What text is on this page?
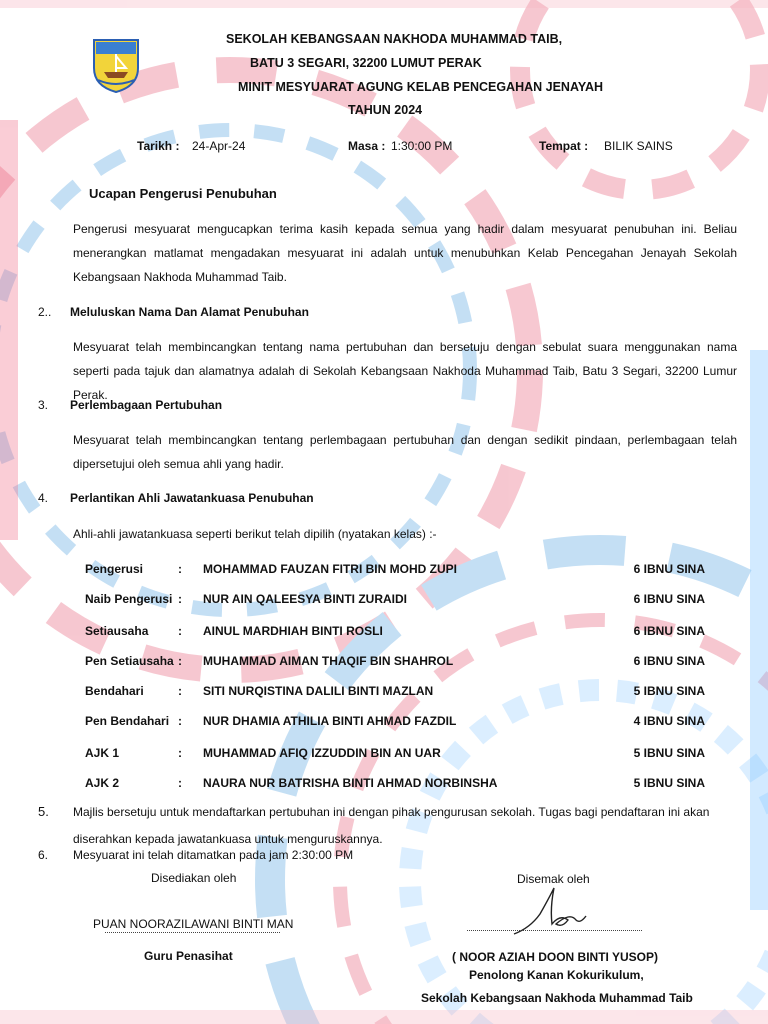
SEKOLAH KEBANGSAAN NAKHODA MUHAMMAD TAIB,
BATU 3 SEGARI, 32200 LUMUT PERAK
MINIT MESYUARAT AGUNG KELAB PENCEGAHAN JENAYAH
TAHUN 2024
Tarikh : 24-Apr-24	Masa : 1:30:00 PM	Tempat : BILIK SAINS
Ucapan Pengerusi Penubuhan
Pengerusi mesyuarat mengucapkan terima kasih kepada semua yang hadir dalam mesyuarat penubuhan ini. Beliau menerangkan matlamat mengadakan mesyuarat ini adalah untuk menubuhkan Kelab Pencegahan Jenayah Sekolah Kebangsaan Nakhoda Muhammad Taib.
2.. Meluluskan Nama Dan Alamat Penubuhan
Mesyuarat telah membincangkan tentang nama pertubuhan dan bersetuju dengan sebulat suara menggunakan nama seperti pada tajuk dan alamatnya adalah di Sekolah Kebangsaan Nakhoda Muhammad Taib, Batu 3 Segari, 32200 Lumur Perak.
3. Perlembagaan Pertubuhan
Mesyuarat telah membincangkan tentang perlembagaan pertubuhan dan dengan sedikit pindaan, perlembagaan telah dipersetujui oleh semua ahli yang hadir.
4. Perlantikan Ahli Jawatankuasa Penubuhan
Ahli-ahli jawatankuasa seperti berikut telah dipilih (nyatakan kelas) :-
Pengerusi	: MOHAMMAD FAUZAN FITRI BIN MOHD ZUPI	6 IBNU SINA
Naib Pengerusi : NUR AIN QALEESYA BINTI ZURAIDI	6 IBNU SINA
Setiausaha : AINUL MARDHIAH BINTI ROSLI	6 IBNU SINA
Pen Setiausaha : MUHAMMAD AIMAN THAQIF BIN SHAHROL	6 IBNU SINA
Bendahari	: SITI NURQISTINA DALILI BINTI MAZLAN	5 IBNU SINA
Pen Bendahari : NUR DHAMIA ATHILIA BINTI AHMAD FAZDIL	4 IBNU SINA
AJK 1	: MUHAMMAD AFIQ IZZUDDIN BIN AN UAR	5 IBNU SINA
AJK 2	: NAURA NUR BATRISHA BINTI AHMAD NORBINSHA	5 IBNU SINA
5. Majlis bersetuju untuk mendaftarkan pertubuhan ini dengan pihak pengurusan sekolah. Tugas bagi pendaftaran ini akan
diserahkan kepada jawatankuasa untuk menguruskannya.
6. Mesyuarat ini telah ditamatkan pada jam 2:30:00 PM
Disediakan oleh
PUAN NOORAZILAWANI BINTI MAN
Guru Penasihat
Disemak oleh
( NOOR AZIAH DOON BINTI YUSOP)
Penolong Kanan Kokurikulum,
Sekolah Kebangsaan Nakhoda Muhammad Taib
